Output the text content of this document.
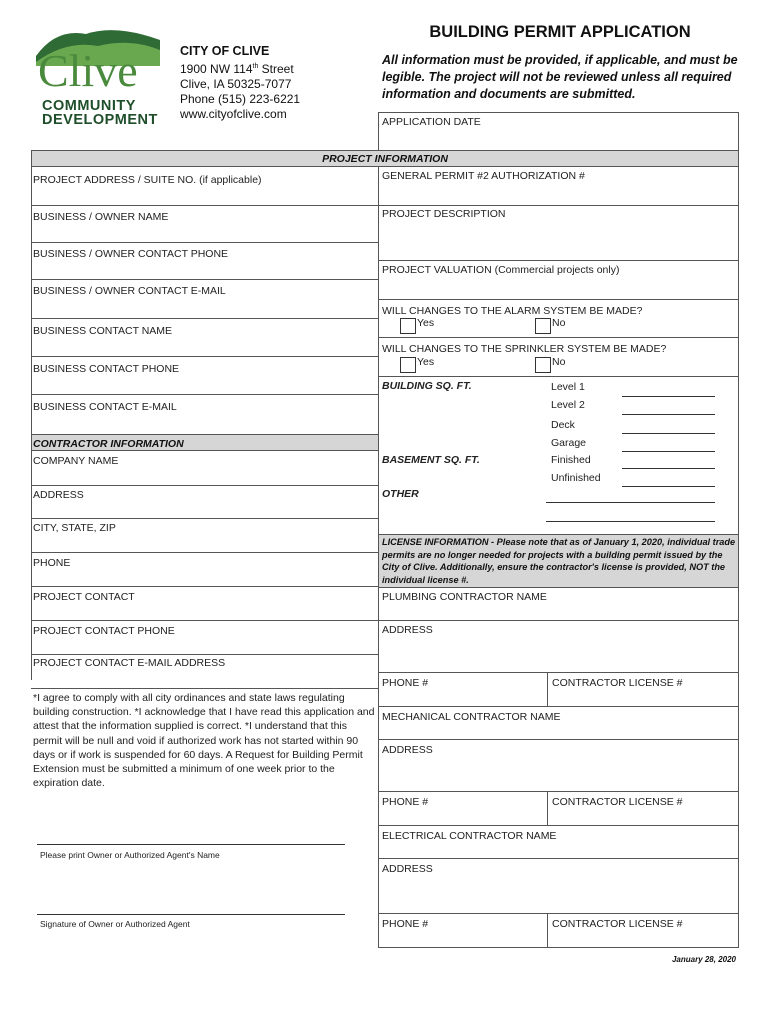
Clive
COMMUNITY
DEVELOPMENT
CITY OF CLIVE
1900 NW 114th Street
Clive, IA 50325-7077
Phone (515) 223-6221
www.cityofclive.com
BUILDING PERMIT APPLICATION
All information must be provided, if applicable, and must be legible. The project will not be reviewed unless all required information and documents are submitted.
APPLICATION DATE
PROJECT INFORMATION
PROJECT ADDRESS / SUITE NO. (if applicable)
BUSINESS / OWNER NAME
BUSINESS / OWNER CONTACT PHONE
BUSINESS / OWNER CONTACT E-MAIL
BUSINESS CONTACT NAME
BUSINESS CONTACT PHONE
BUSINESS CONTACT E-MAIL
GENERAL PERMIT #2 AUTHORIZATION #
PROJECT DESCRIPTION
PROJECT VALUATION (Commercial projects only)
WILL CHANGES TO THE ALARM SYSTEM BE MADE?
Yes	No
WILL CHANGES TO THE SPRINKLER SYSTEM BE MADE?
Yes	No
BUILDING SQ. FT.	Level 1
Level 2
Deck
Garage
BASEMENT SQ. FT.	Finished
Unfinished
OTHER
CONTRACTOR INFORMATION
COMPANY NAME
ADDRESS
CITY, STATE, ZIP
PHONE
PROJECT CONTACT
PROJECT CONTACT PHONE
PROJECT CONTACT E-MAIL ADDRESS
*I agree to comply with all city ordinances and state laws regulating building construction. *I acknowledge that I have read this application and attest that the information supplied is correct. *I understand that this permit will be null and void if authorized work has not started within 90 days or if work is suspended for 60 days. A Request for Building Permit Extension must be submitted a minimum of one week prior to the expiration date.
Please print Owner or Authorized Agent's Name
Signature of Owner or Authorized Agent
LICENSE INFORMATION - Please note that as of January 1, 2020, individual trade permits are no longer needed for projects with a building permit issued by the City of Clive. Additionally, ensure the contractor's license is provided, NOT the individual license #.
PLUMBING CONTRACTOR NAME
ADDRESS
PHONE #	CONTRACTOR LICENSE #
MECHANICAL CONTRACTOR NAME
ADDRESS
PHONE #	CONTRACTOR LICENSE #
ELECTRICAL CONTRACTOR NAME
ADDRESS
PHONE #	CONTRACTOR LICENSE #
January 28, 2020
